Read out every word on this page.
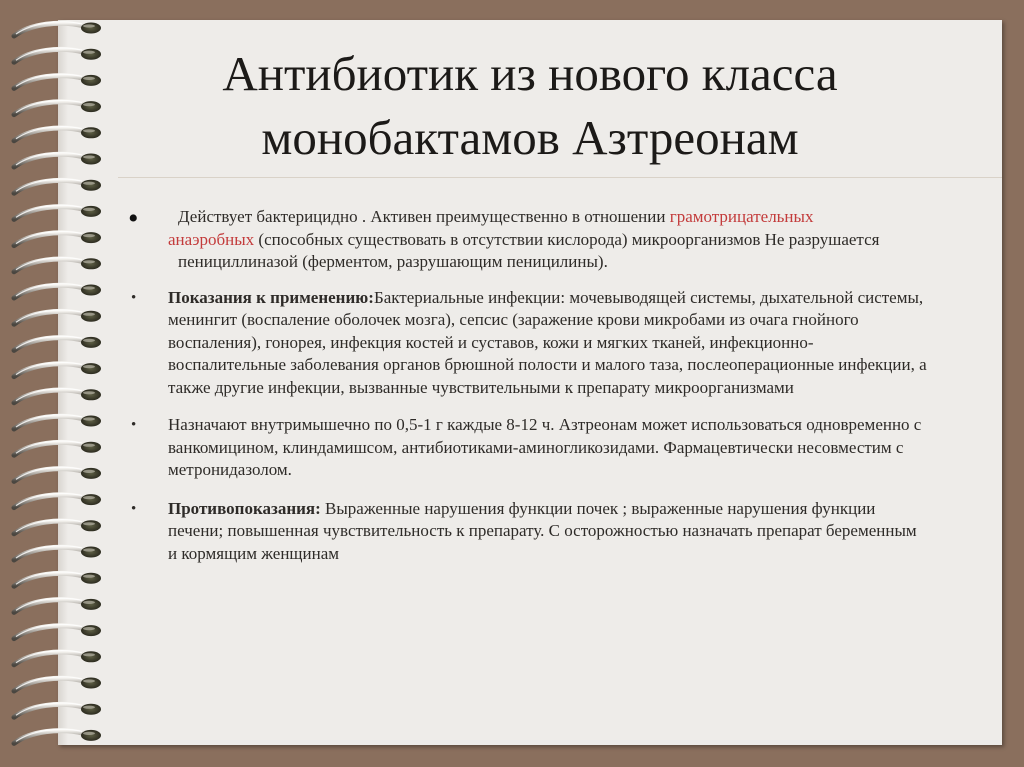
Антибиотик из нового класса
монобактамов Азтреонам
•	Действует бактерицидно . Активен преимущественно в отношении грамотрицательных
анаэробных (способных существовать в отсутствии кислорода) микроорганизмов Не разрушается пенициллиназой (ферментом, разрушающим пеницилины).
• Показания к применению:Бактериальные инфекции: мочевыводящей системы, дыхательной системы, менингит (воспаление оболочек мозга), сепсис (заражение крови микробами из очага гнойного воспаления), гонорея, инфекция костей и суставов, кожи и мягких тканей, инфекционно-воспалительные заболевания органов брюшной полости и малого таза, послеоперационные инфекции, а также другие инфекции, вызванные чувствительными к препарату микроорганизмами
• Назначают внутримышечно по 0,5-1 г каждые 8-12 ч. Азтреонам может использоваться одновременно с ванкомицином, клиндамишсом, антибиотиками-аминогликозидами. Фармацевтически несовместим с метронидазолом.
• Противопоказания: Выраженные нарушения функции почек ; выраженные нарушения функции печени; повышенная чувствительность к препарату. С осторожностью назначать препарат беременным и кормящим женщинам
